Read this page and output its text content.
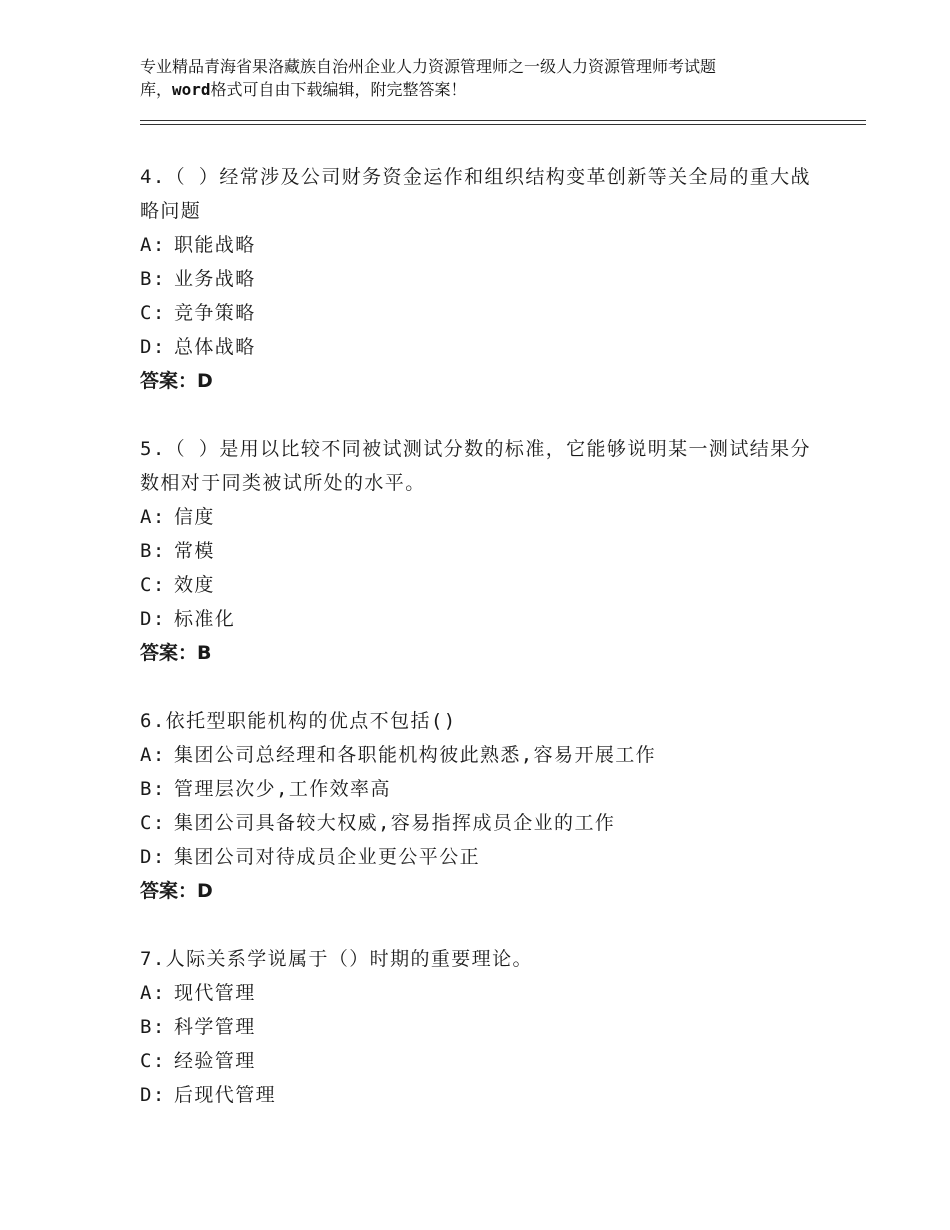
专业精品青海省果洛藏族自治州企业人力资源管理师之一级人力资源管理师考试题
库，word格式可自由下载编辑，附完整答案！
4.（ ）经常涉及公司财务资金运作和组织结构变革创新等关全局的重大战略问题
A: 职能战略
B: 业务战略
C: 竞争策略
D: 总体战略
答案：D
5.（ ）是用以比较不同被试测试分数的标准，它能够说明某一测试结果分数相对于同类被试所处的水平。
A: 信度
B: 常模
C: 效度
D: 标准化
答案：B
6.依托型职能机构的优点不包括()
A: 集团公司总经理和各职能机构彼此熟悉,容易开展工作
B: 管理层次少,工作效率高
C: 集团公司具备较大权威,容易指挥成员企业的工作
D: 集团公司对待成员企业更公平公正
答案：D
7.人际关系学说属于（）时期的重要理论。
A: 现代管理
B: 科学管理
C: 经验管理
D: 后现代管理
